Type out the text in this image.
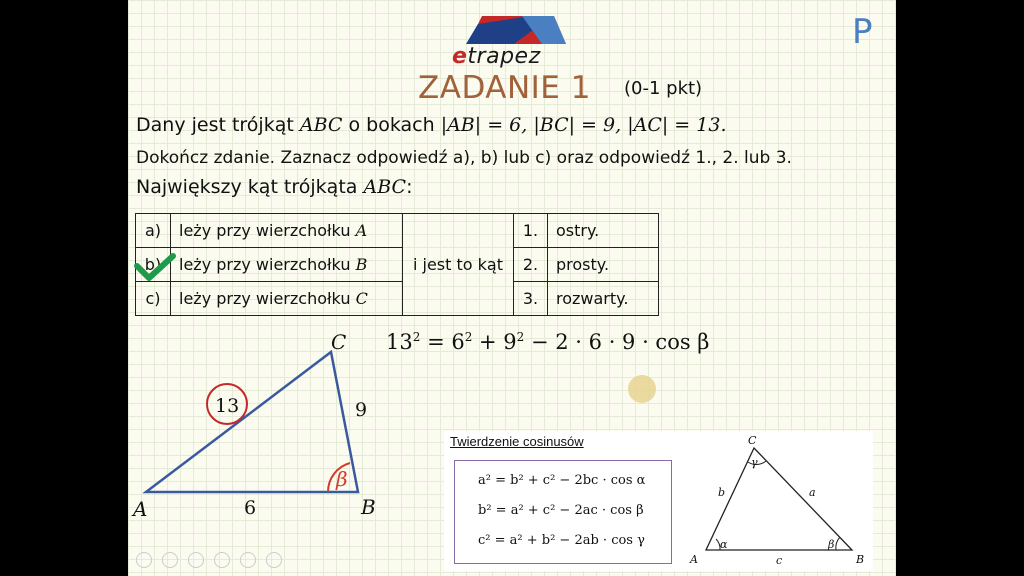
etrapez
P
ZADANIE 1 (0-1 pkt)
Dany jest trójkąt ABC o bokach |AB| = 6, |BC| = 9, |AC| = 13.
Dokończ zdanie. Zaznacz odpowiedź a), b) lub c) oraz odpowiedź 1., 2. lub 3.
Największy kąt trójkąta ABC:
a)	leży przy wierzchołku A	i jest to kąt	1.	ostry.
b)	leży przy wierzchołku B		2.	prosty.
c)	leży przy wierzchołku C		3.	rozwarty.
A	B
C
6
9
13
β
$13^2 = 6^2 + 9^2 - 2 \cdot 6 \cdot 9 \cdot \cos \beta$
Twierdzenie cosinusów
a² = b² + c² − 2bc · cos α
b² = a² + c² − 2ac · cos β
c² = a² + b² − 2ab · cos γ
A	B
C
a
b
c
α	β
γ
